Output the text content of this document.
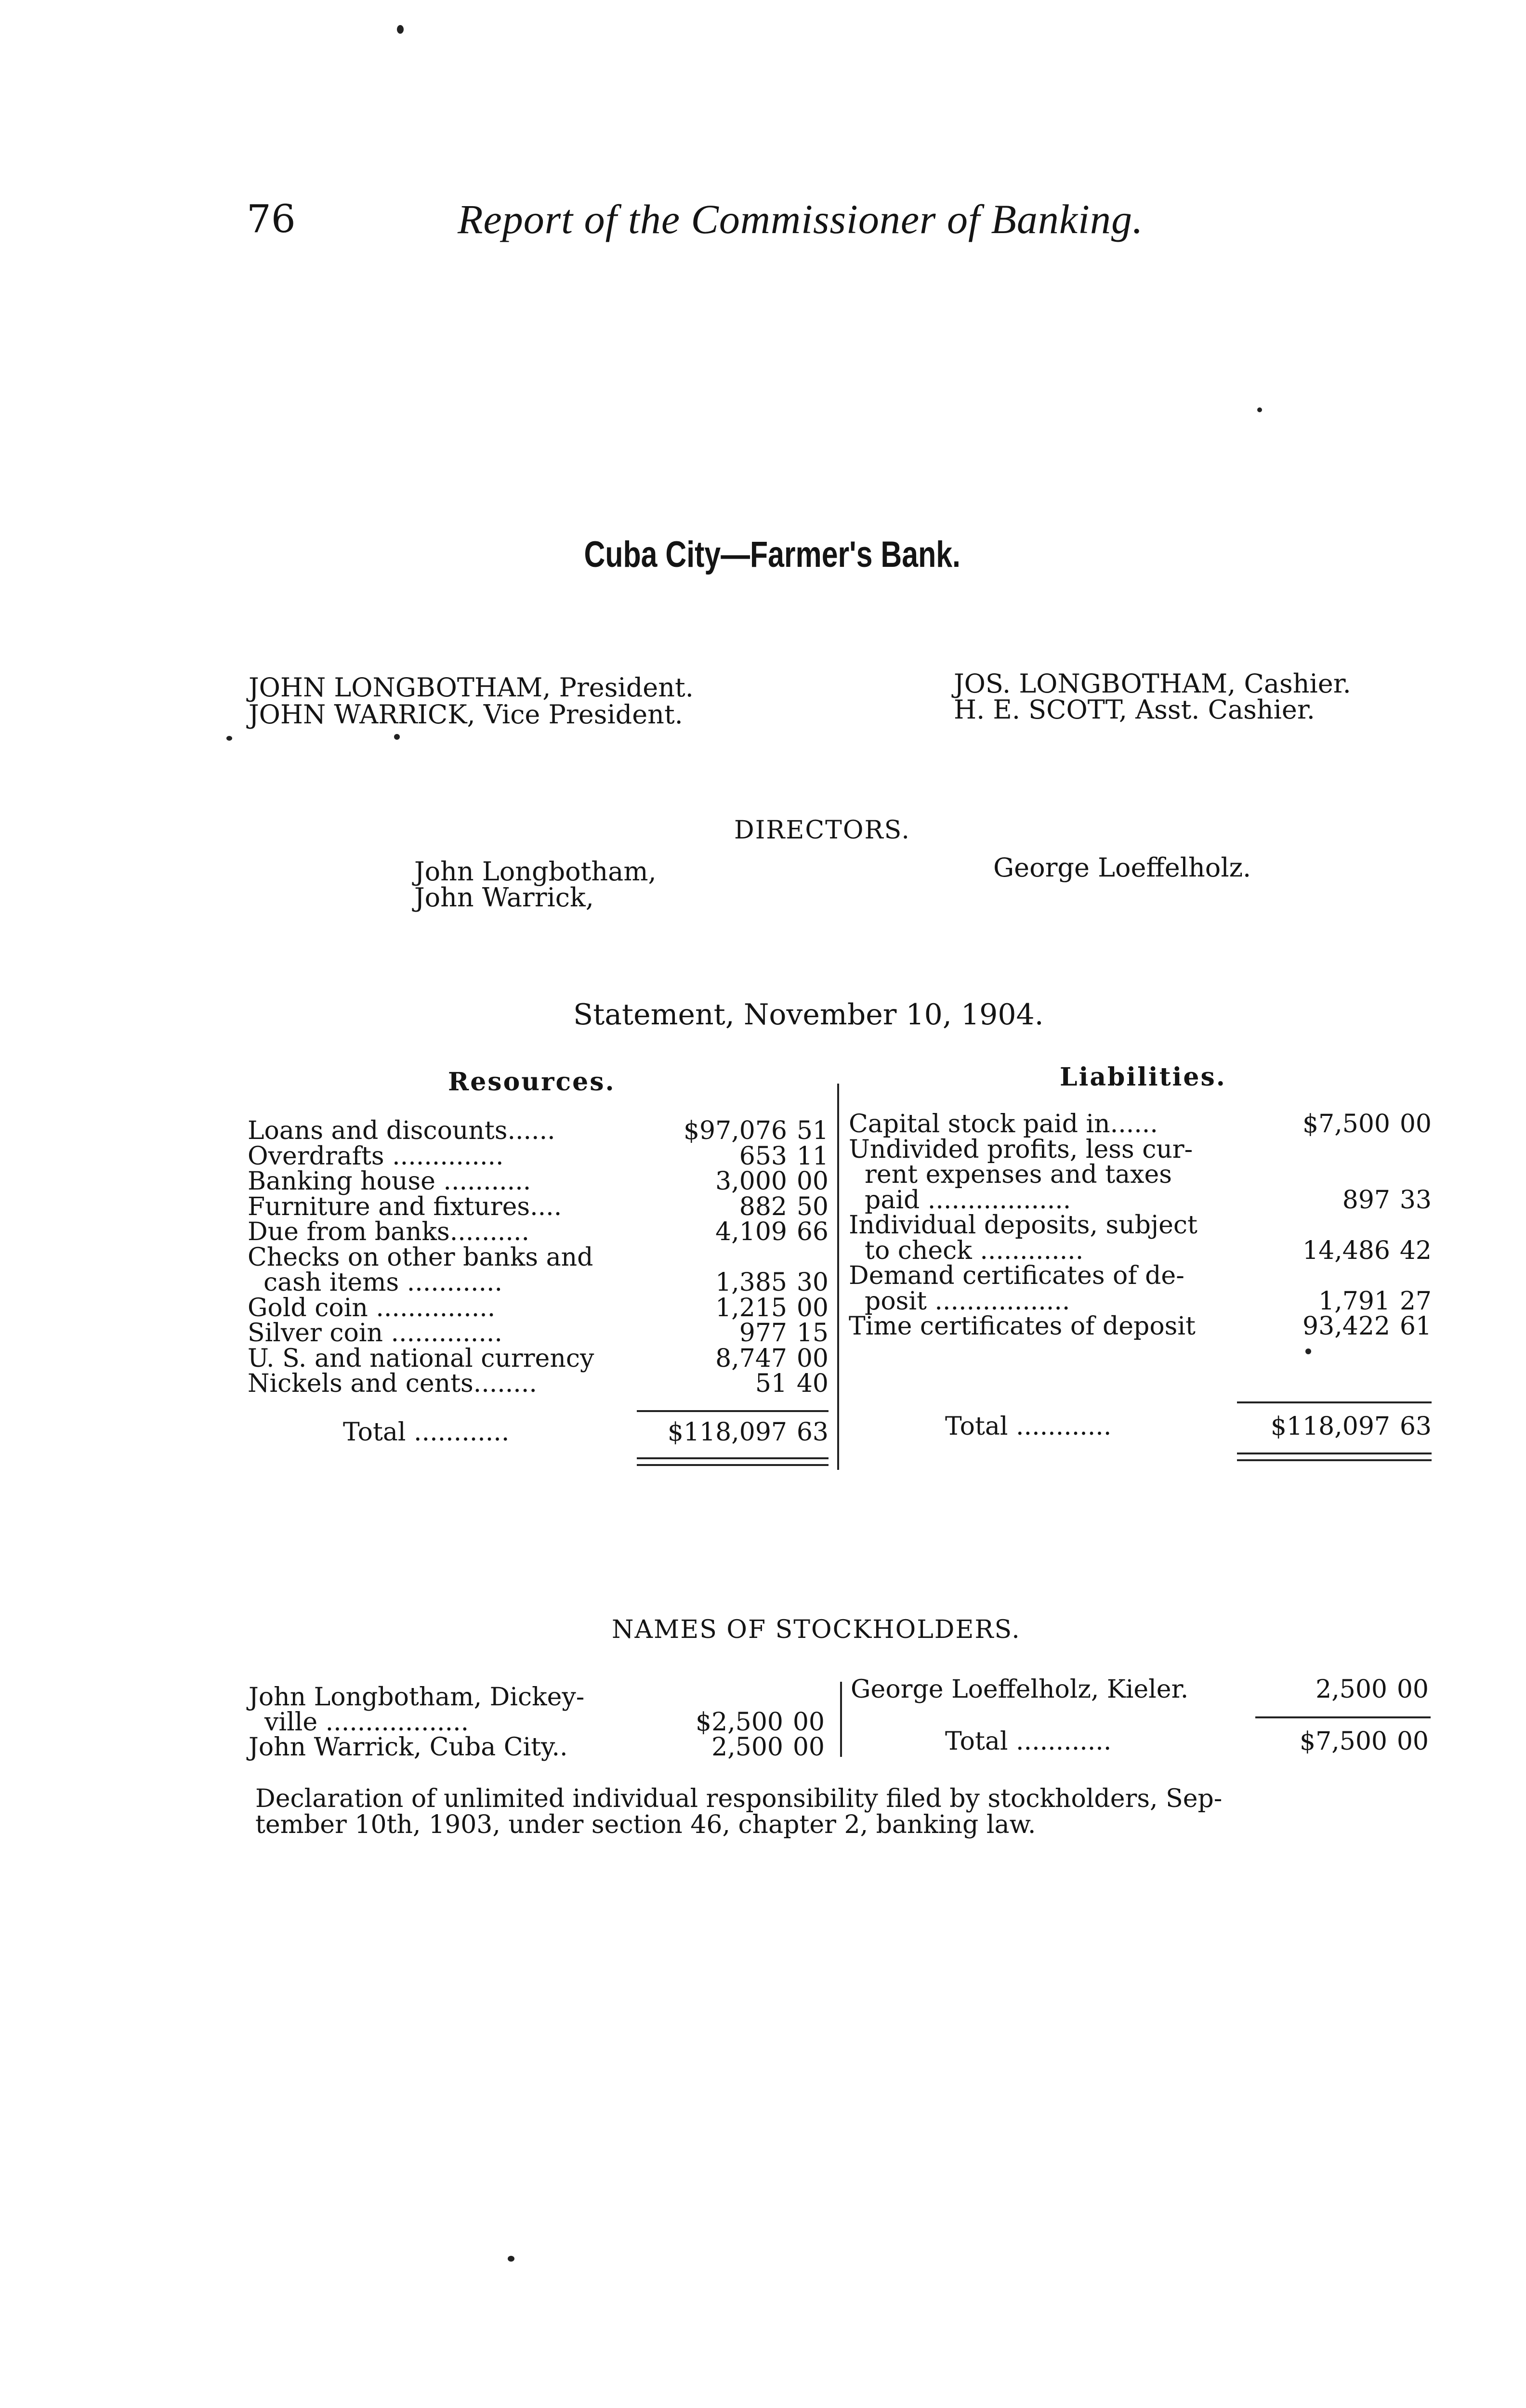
76	Report of the Commissioner of Banking.
Cuba City—Farmer's Bank.
JOHN LONGBOTHAM, President.
JOHN WARRICK, Vice President.
JOS. LONGBOTHAM, Cashier.
H. E. SCOTT, Asst. Cashier.
DIRECTORS.
John Longbotham,
John Warrick,
George Loeffelholz.
Statement, November 10, 1904.
Resources.	Liabilities.
Loans and discounts......	$97,076 51
Overdrafts ..............	653 11
Banking house ...........	3,000 00
Furniture and fixtures....	882 50
Due from banks..........	4,109 66
Checks on other banks and
cash items ............	1,385 30
Gold coin ...............	1,215 00
Silver coin ..............	977 15
U. S. and national currency	8,747 00
Nickels and cents........	51 40
Total ............	$118,097 63
Capital stock paid in......	$7,500 00
Undivided profits, less cur-
rent expenses and taxes
paid ..................	897 33
Individual deposits, subject
to check .............	14,486 42
Demand certificates of de-
posit .................	1,791 27
Time certificates of deposit	93,422 61
Total ............	$118,097 63
NAMES OF STOCKHOLDERS.
John Longbotham, Dickey-
ville ..................	$2,500 00
John Warrick, Cuba City..	2,500 00
George Loeffelholz, Kieler.	2,500 00
Total ............	$7,500 00
Declaration of unlimited individual responsibility filed by stockholders, Sep-
tember 10th, 1903, under section 46, chapter 2, banking law.
